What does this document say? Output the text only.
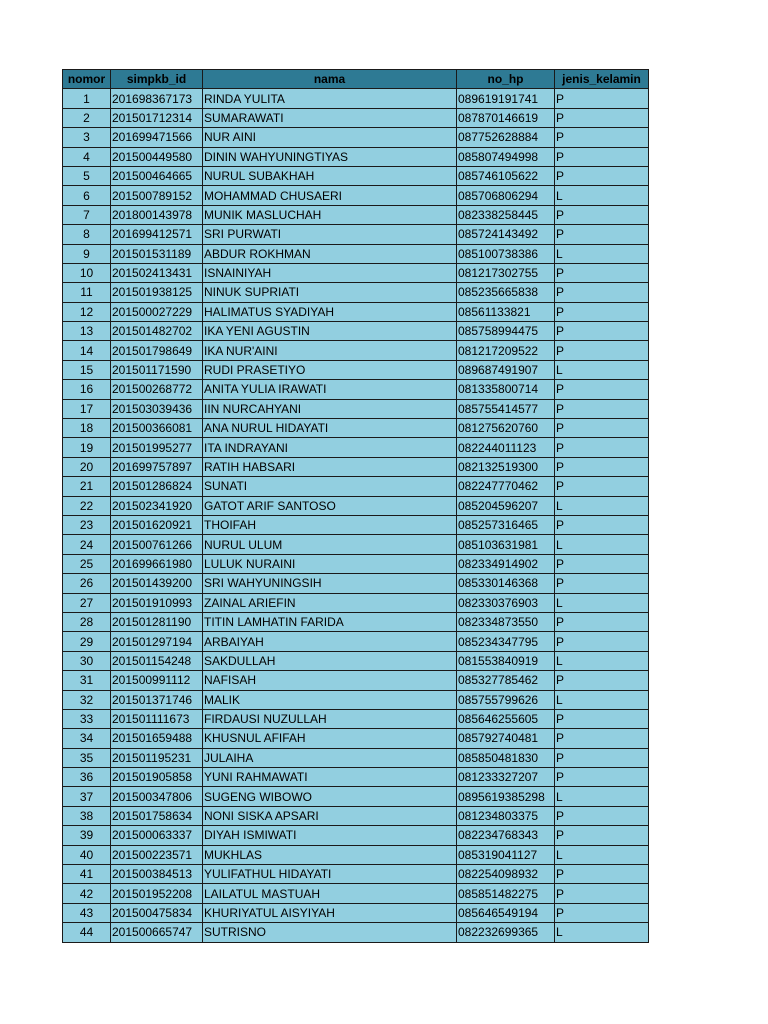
nomor	simpkb_id	nama	no_hp	jenis_kelamin
1	201698367173	RINDA YULITA	089619191741	P
2	201501712314	SUMARAWATI	087870146619	P
3	201699471566	NUR AINI	087752628884	P
4	201500449580	DININ WAHYUNINGTIYAS	085807494998	P
5	201500464665	NURUL SUBAKHAH	085746105622	P
6	201500789152	MOHAMMAD CHUSAERI	085706806294	L
7	201800143978	MUNIK MASLUCHAH	082338258445	P
8	201699412571	SRI PURWATI	085724143492	P
9	201501531189	ABDUR ROKHMAN	085100738386	L
10	201502413431	ISNAINIYAH	081217302755	P
11	201501938125	NINUK SUPRIATI	085235665838	P
12	201500027229	HALIMATUS SYADIYAH	08561133821	P
13	201501482702	IKA YENI AGUSTIN	085758994475	P
14	201501798649	IKA NUR'AINI	081217209522	P
15	201501171590	RUDI PRASETIYO	089687491907	L
16	201500268772	ANITA YULIA IRAWATI	081335800714	P
17	201503039436	IIN NURCAHYANI	085755414577	P
18	201500366081	ANA NURUL HIDAYATI	081275620760	P
19	201501995277	ITA INDRAYANI	082244011123	P
20	201699757897	RATIH HABSARI	082132519300	P
21	201501286824	SUNATI	082247770462	P
22	201502341920	GATOT ARIF SANTOSO	085204596207	L
23	201501620921	THOIFAH	085257316465	P
24	201500761266	NURUL ULUM	085103631981	L
25	201699661980	LULUK NURAINI	082334914902	P
26	201501439200	SRI WAHYUNINGSIH	085330146368	P
27	201501910993	ZAINAL ARIEFIN	082330376903	L
28	201501281190	TITIN LAMHATIN FARIDA	082334873550	P
29	201501297194	ARBAIYAH	085234347795	P
30	201501154248	SAKDULLAH	081553840919	L
31	201500991112	NAFISAH	085327785462	P
32	201501371746	MALIK	085755799626	L
33	201501111673	FIRDAUSI NUZULLAH	085646255605	P
34	201501659488	KHUSNUL AFIFAH	085792740481	P
35	201501195231	JULAIHA	085850481830	P
36	201501905858	YUNI RAHMAWATI	081233327207	P
37	201500347806	SUGENG WIBOWO	0895619385298	L
38	201501758634	NONI SISKA APSARI	081234803375	P
39	201500063337	DIYAH ISMIWATI	082234768343	P
40	201500223571	MUKHLAS	085319041127	L
41	201500384513	YULIFATHUL HIDAYATI	082254098932	P
42	201501952208	LAILATUL MASTUAH	085851482275	P
43	201500475834	KHURIYATUL AISYIYAH	085646549194	P
44	201500665747	SUTRISNO	082232699365	L
